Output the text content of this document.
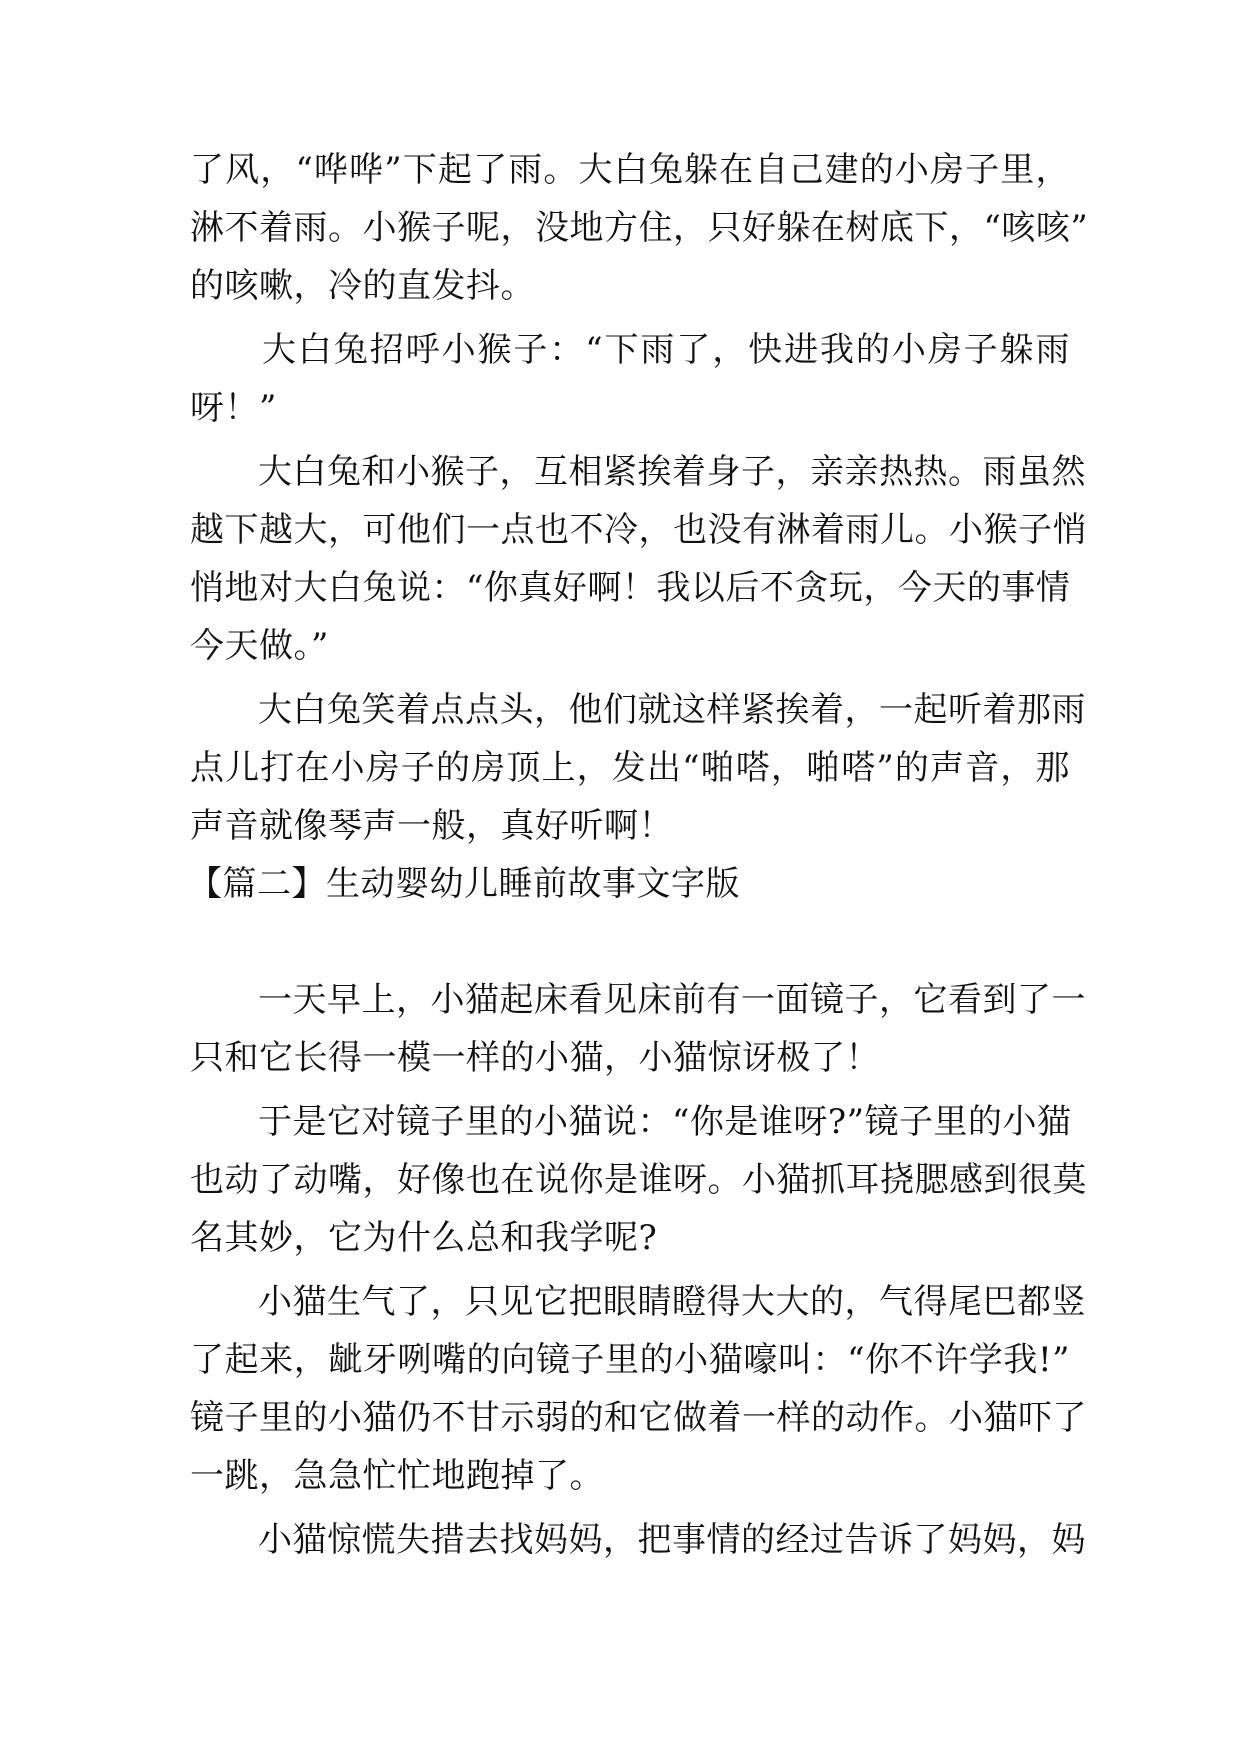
了风，“哗哗”下起了雨。大白兔躲在自己建的小房子里，
淋不着雨。小猴子呢，没地方住，只好躲在树底下，“咳咳”
的咳嗽，冷的直发抖。
大白兔招呼小猴子：“下雨了，快进我的小房子躲雨
呀！”
大白兔和小猴子，互相紧挨着身子，亲亲热热。雨虽然
越下越大，可他们一点也不冷，也没有淋着雨儿。小猴子悄
悄地对大白兔说：“你真好啊！我以后不贪玩，今天的事情
今天做。”
大白兔笑着点点头，他们就这样紧挨着，一起听着那雨
点儿打在小房子的房顶上，发出“啪嗒，啪嗒”的声音，那
声音就像琴声一般，真好听啊！
【篇二】生动婴幼儿睡前故事文字版
一天早上，小猫起床看见床前有一面镜子，它看到了一
只和它长得一模一样的小猫，小猫惊讶极了！
于是它对镜子里的小猫说：“你是谁呀?”镜子里的小猫
也动了动嘴，好像也在说你是谁呀。小猫抓耳挠腮感到很莫
名其妙，它为什么总和我学呢?
小猫生气了，只见它把眼睛瞪得大大的，气得尾巴都竖
了起来，龇牙咧嘴的向镜子里的小猫嚎叫：“你不许学我!”
镜子里的小猫仍不甘示弱的和它做着一样的动作。小猫吓了
一跳，急急忙忙地跑掉了。
小猫惊慌失措去找妈妈，把事情的经过告诉了妈妈，妈
